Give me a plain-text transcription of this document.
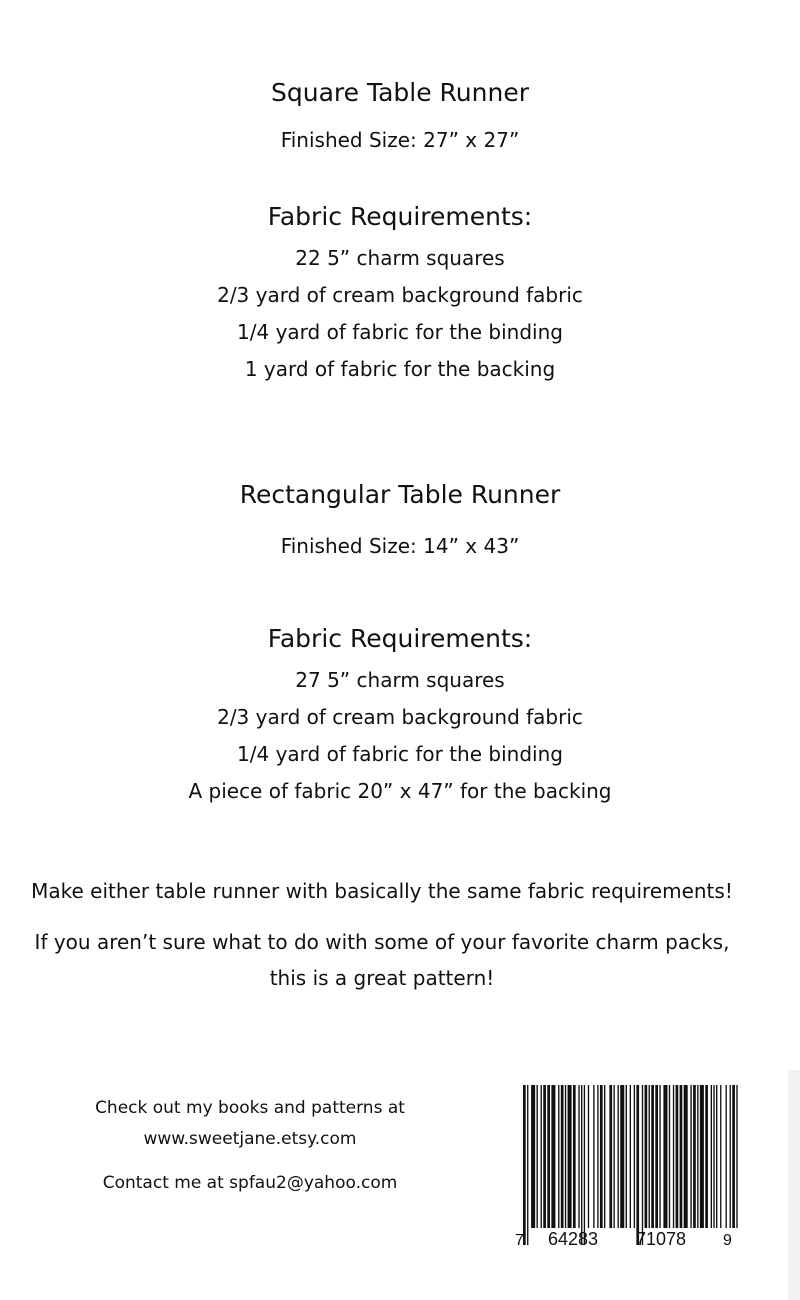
Square Table Runner
Finished Size: 27” x 27”
Fabric Requirements:
22 5” charm squares
2/3 yard of cream background fabric
1/4 yard of fabric for the binding
1 yard of fabric for the backing
Rectangular Table Runner
Finished Size: 14” x 43”
Fabric Requirements:
27 5” charm squares
2/3 yard of cream background fabric
1/4 yard of fabric for the binding
A piece of fabric 20” x 47” for the backing
Make either table runner with basically the same fabric requirements!
If you aren’t sure what to do with some of your favorite charm packs,
this is a great pattern!
Check out my books and patterns at
www.sweetjane.etsy.com
Contact me at spfau2@yahoo.com
7 64283 71078 9
